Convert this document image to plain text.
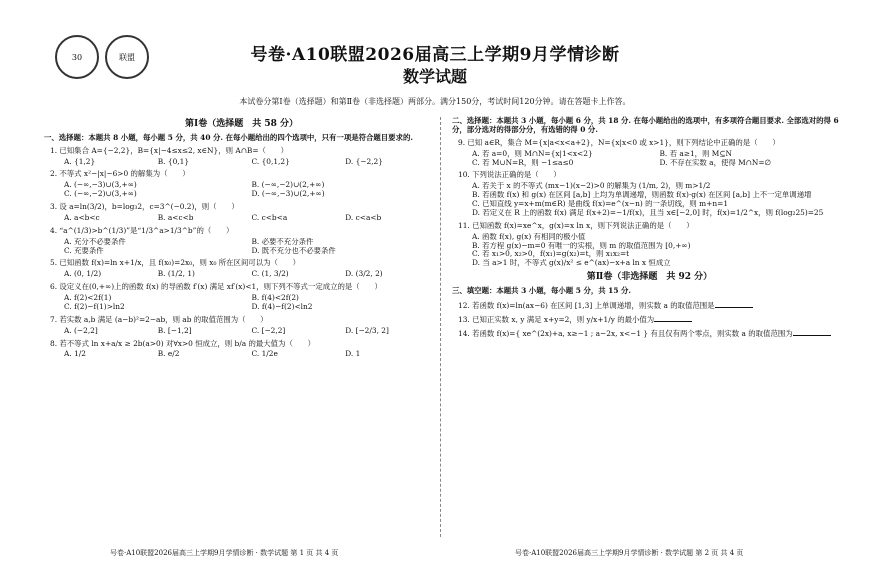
30	联盟	号卷·A10联盟2026届高三上学期9月学情诊断
数学试题
本试卷分第Ⅰ卷（选择题）和第Ⅱ卷（非选择题）两部分。满分150分，考试时间120分钟。请在答题卡上作答。
第Ⅰ卷（选择题　共 58 分）
一、选择题：本题共 8 小题，每小题 5 分，共 40 分. 在每小题给出的四个选项中，只有一项是符合题目要求的.
1. 已知集合 A={−2,2}，B={x|−4≤x≤2, x∈N}，则 A∩B=（　　）
A. {1,2}	B. {0,1}	C. {0,1,2}	D. {−2,2}
2. 不等式 x²−|x|−6>0 的解集为（　　）
A. (−∞,−3)∪(3,+∞)	B. (−∞,−2)∪(2,+∞)
C. (−∞,−2)∪(3,+∞)	D. (−∞,−3)∪(2,+∞)
3. 设 a=ln(3/2)，b=log₃2，c=3^(−0.2)，则（　　）
A. a<b<c	B. a<c<b	C. c<b<a	D. c<a<b
4. “a^(1/3)>b^(1/3)”是“1/3^a>1/3^b”的（　　）
A. 充分不必要条件	B. 必要不充分条件
C. 充要条件	D. 既不充分也不必要条件
5. 已知函数 f(x)=ln x+1/x，且 f(x₀)=2x₀，则 x₀ 所在区间可以为（　　）
A. (0, 1/2)	B. (1/2, 1)	C. (1, 3/2)	D. (3/2, 2)
6. 设定义在(0,+∞)上的函数 f(x) 的导函数 f′(x) 满足 xf′(x)<1，则下列不等式一定成立的是（　　）
A. f(2)<2f(1)	B. f(4)<2f(2)
C. f(2)−f(1)>ln2	D. f(4)−f(2)<ln2
7. 若实数 a,b 满足 (a−b)²=2−ab，则 ab 的取值范围为（　　）
A. (−2,2]	B. [−1,2]	C. [−2,2]	D. [−2/3, 2]
8. 若不等式 ln x+a/x ≥ 2b(a>0) 对∀x>0 恒成立，则 b/a 的最大值为（　　）
A. 1/2	B. e/2	C. 1/2e	D. 1
二、选择题：本题共 3 小题，每小题 6 分，共 18 分. 在每小题给出的选项中，有多项符合题目要求. 全部选对的得 6 分，部分选对的得部分分，有选错的得 0 分.
9. 已知 a∈R，集合 M={x|a<x<a+2}，N={x|x<0 或 x>1}，则下列结论中正确的是（　　）
A. 若 a=0，则 M∩N={x|1<x<2}	B. 若 a≥1，则 M⊆N
C. 若 M∪N=R，则 −1≤a≤0	D. 不存在实数 a，使得 M∩N=∅
10. 下列说法正确的是（　　）
A. 若关于 x 的不等式 (mx−1)(x−2)>0 的解集为 (1/m, 2)，则 m>1/2
B. 若函数 f(x) 和 g(x) 在区间 [a,b] 上均为单调递增，则函数 f(x)·g(x) 在区间 [a,b] 上不一定单调递增
C. 已知直线 y=x+m(m∈R) 是曲线 f(x)=e^(x−n) 的一条切线，则 m+n=1
D. 若定义在 R 上的函数 f(x) 满足 f(x+2)=−1/f(x)，且当 x∈[−2,0] 时，f(x)=1/2^x，则 f(log₂25)=25
11. 已知函数 f(x)=xe^x，g(x)=x ln x，则下列说法正确的是（　　）
A. 函数 f(x), g(x) 有相同的极小值
B. 若方程 g(x)−m=0 有唯一的实根，则 m 的取值范围为 [0,+∞)
C. 若 x₁>0, x₂>0，f(x₁)=g(x₂)=t，则 x₁x₂=t
D. 当 a>1 时，不等式 g(x)/x² ≤ e^(ax)−x+a ln x 恒成立
第Ⅱ卷（非选择题　共 92 分）
三、填空题：本题共 3 小题，每小题 5 分，共 15 分.
12. 若函数 f(x)=ln(ax−6) 在区间 [1,3] 上单调递增，则实数 a 的取值范围是
13. 已知正实数 x, y 满足 x+y=2，则 y/x+1/y 的最小值为
14. 若函数 f(x)={ xe^(2x)+a, x≥−1 ; a−2x, x<−1 } 有且仅有两个零点，则实数 a 的取值范围为
号卷·A10联盟2026届高三上学期9月学情诊断 · 数学试题 第 1 页 共 4 页	号卷·A10联盟2026届高三上学期9月学情诊断 · 数学试题 第 2 页 共 4 页
